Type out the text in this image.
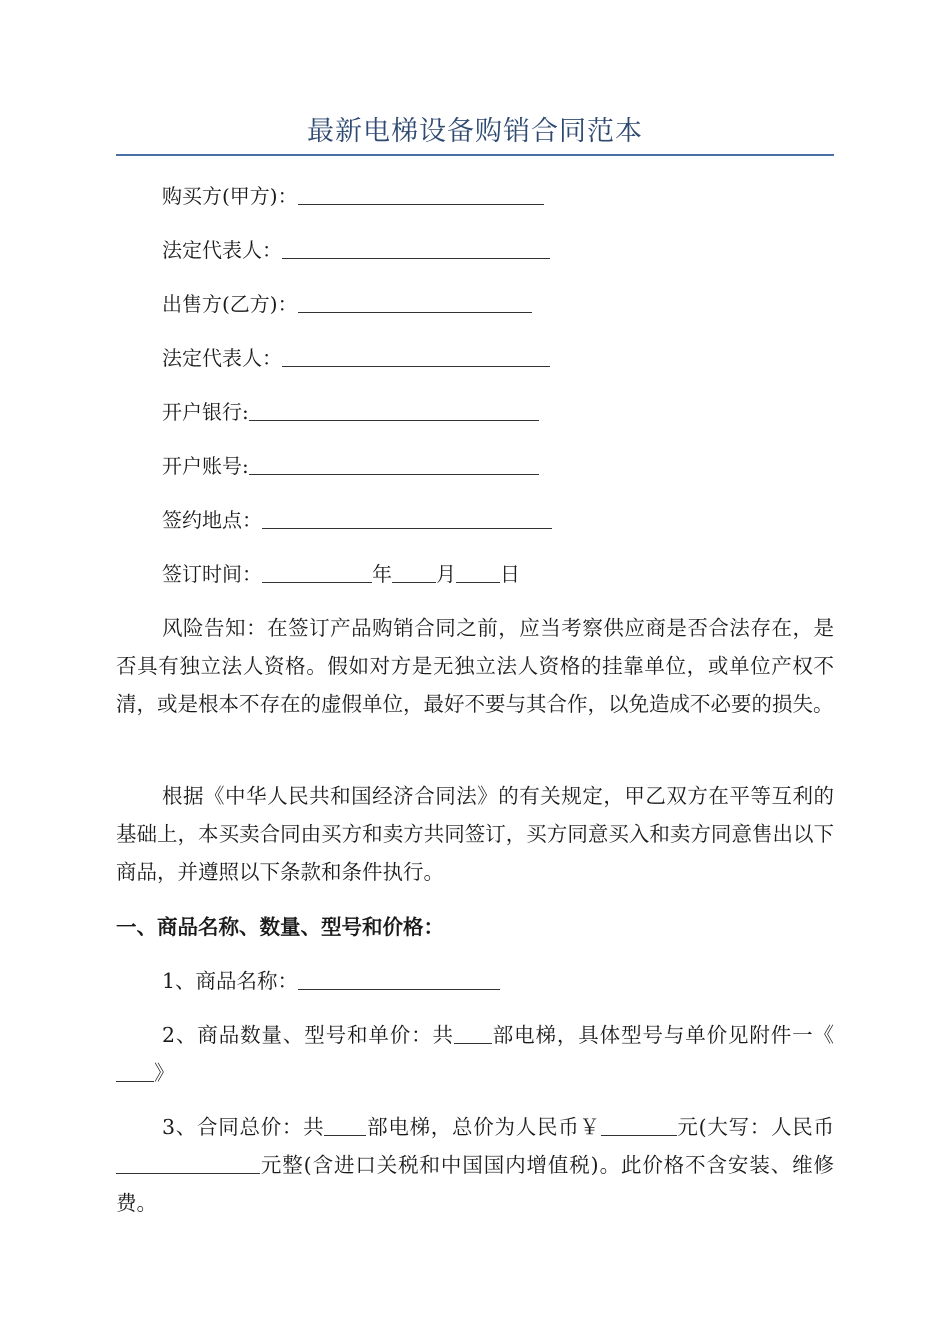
最新电梯设备购销合同范本
购买方(甲方)：
法定代表人：
出售方(乙方)：
法定代表人：
开户银行:
开户账号:
签约地点：
签订时间：	年 月 日
风险告知：在签订产品购销合同之前，应当考察供应商是否合法存在，是否具有独立法人资格。假如对方是无独立法人资格的挂靠单位，或单位产权不清，或是根本不存在的虚假单位，最好不要与其合作，以免造成不必要的损失。
根据《中华人民共和国经济合同法》的有关规定，甲乙双方在平等互利的基础上，本买卖合同由买方和卖方共同签订，买方同意买入和卖方同意售出以下商品，并遵照以下条款和条件执行。
一、商品名称、数量、型号和价格：
1、商品名称：
2、商品数量、型号和单价：共 部电梯，具体型号与单价见附件一《》
3、合同总价：共 部电梯，总价为人民币￥	元(大写：人民币元整(含进口关税和中国国内增值税)。此价格不含安装、维修费。
